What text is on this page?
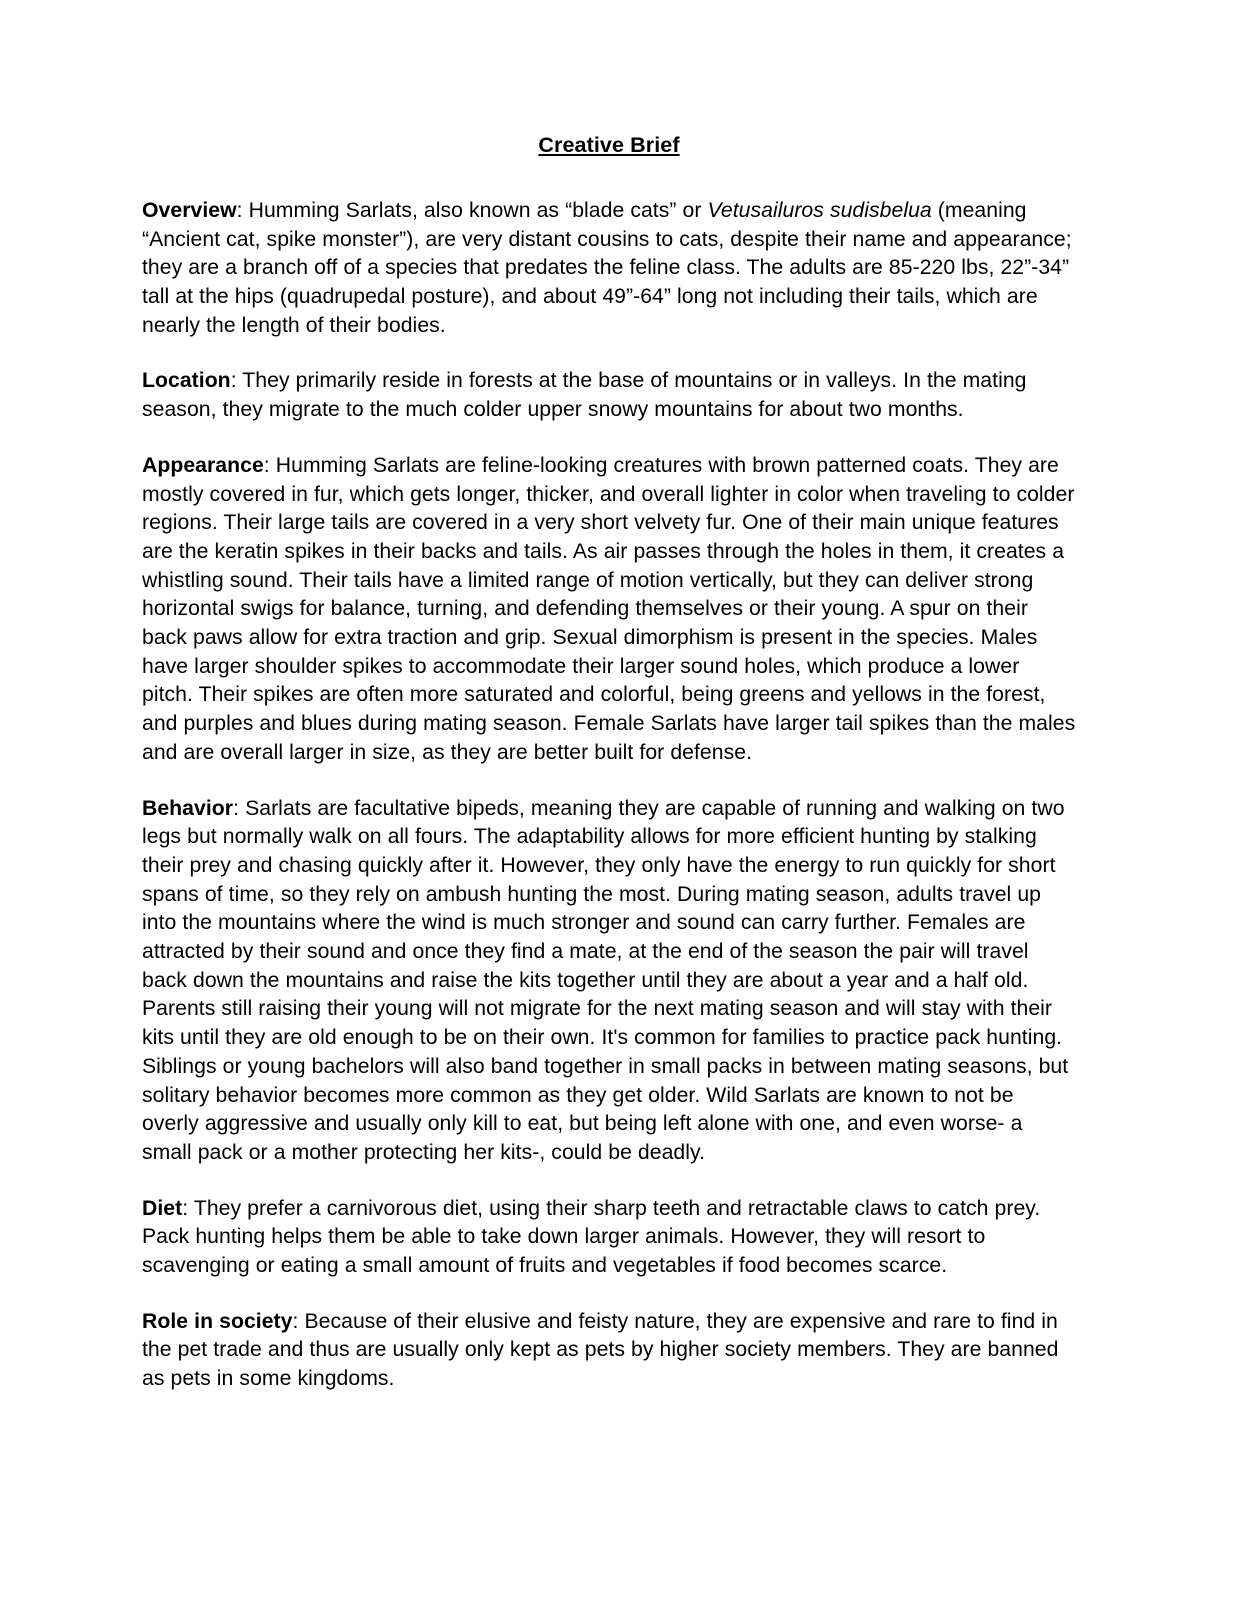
Creative Brief

Overview: Humming Sarlats, also known as “blade cats” or Vetusailuros sudisbelua (meaning “Ancient cat, spike monster”), are very distant cousins to cats, despite their name and appearance; they are a branch off of a species that predates the feline class. The adults are 85-220 lbs, 22”-34” tall at the hips (quadrupedal posture), and about 49”-64” long not including their tails, which are nearly the length of their bodies.

Location: They primarily reside in forests at the base of mountains or in valleys. In the mating season, they migrate to the much colder upper snowy mountains for about two months.

Appearance: Humming Sarlats are feline-looking creatures with brown patterned coats. They are mostly covered in fur, which gets longer, thicker, and overall lighter in color when traveling to colder regions. Their large tails are covered in a very short velvety fur. One of their main unique features are the keratin spikes in their backs and tails. As air passes through the holes in them, it creates a whistling sound. Their tails have a limited range of motion vertically, but they can deliver strong horizontal swigs for balance, turning, and defending themselves or their young. A spur on their back paws allow for extra traction and grip. Sexual dimorphism is present in the species. Males have larger shoulder spikes to accommodate their larger sound holes, which produce a lower pitch. Their spikes are often more saturated and colorful, being greens and yellows in the forest, and purples and blues during mating season. Female Sarlats have larger tail spikes than the males and are overall larger in size, as they are better built for defense.

Behavior: Sarlats are facultative bipeds, meaning they are capable of running and walking on two legs but normally walk on all fours. The adaptability allows for more efficient hunting by stalking their prey and chasing quickly after it. However, they only have the energy to run quickly for short spans of time, so they rely on ambush hunting the most. During mating season, adults travel up into the mountains where the wind is much stronger and sound can carry further. Females are attracted by their sound and once they find a mate, at the end of the season the pair will travel back down the mountains and raise the kits together until they are about a year and a half old. Parents still raising their young will not migrate for the next mating season and will stay with their kits until they are old enough to be on their own. It's common for families to practice pack hunting. Siblings or young bachelors will also band together in small packs in between mating seasons, but solitary behavior becomes more common as they get older. Wild Sarlats are known to not be overly aggressive and usually only kill to eat, but being left alone with one, and even worse- a small pack or a mother protecting her kits-, could be deadly.

Diet: They prefer a carnivorous diet, using their sharp teeth and retractable claws to catch prey. Pack hunting helps them be able to take down larger animals. However, they will resort to scavenging or eating a small amount of fruits and vegetables if food becomes scarce.

Role in society: Because of their elusive and feisty nature, they are expensive and rare to find in the pet trade and thus are usually only kept as pets by higher society members. They are banned as pets in some kingdoms.
